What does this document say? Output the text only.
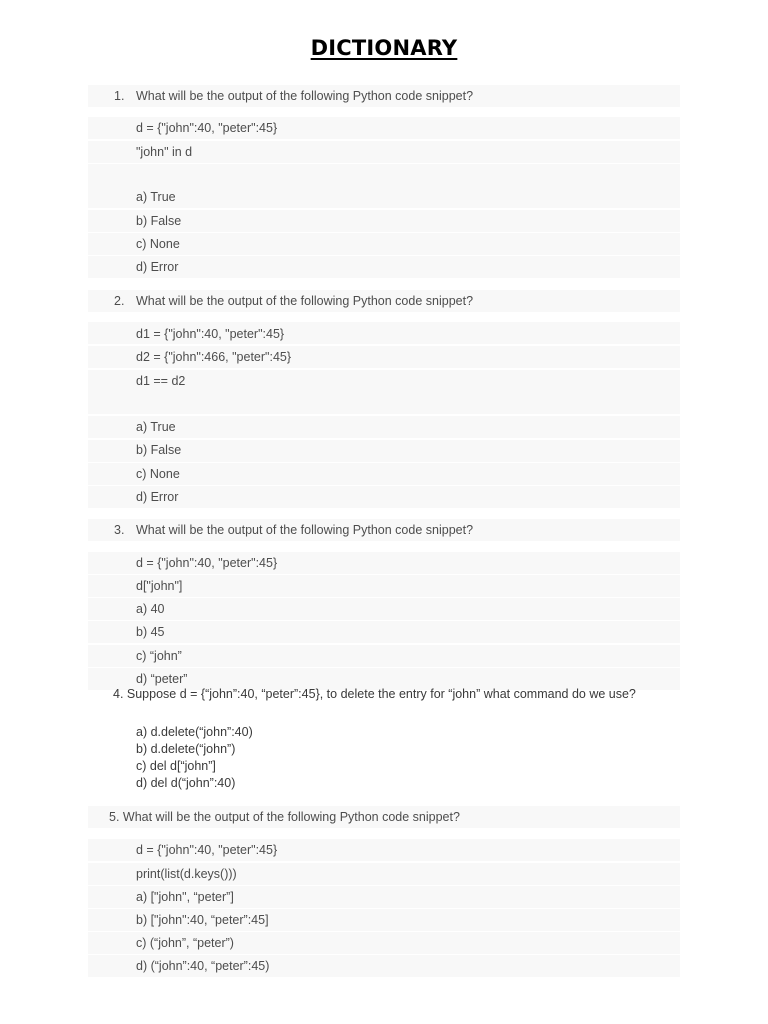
DICTIONARY
1. What will be the output of the following Python code snippet?
d = {"john":40, "peter":45}
"john" in d
a) True
b) False
c) None
d) Error
2. What will be the output of the following Python code snippet?
d1 = {"john":40, "peter":45}
d2 = {"john":466, "peter":45}
d1 == d2
a) True
b) False
c) None
d) Error
3. What will be the output of the following Python code snippet?
d = {"john":40, "peter":45}
d["john"]
a) 40
b) 45
c) “john”
d) “peter”
4. Suppose d = {“john”:40, “peter”:45}, to delete the entry for “john” what command do we use?
a) d.delete(“john”:40)
b) d.delete(“john”)
c) del d[“john”]
d) del d(“john”:40)
5. What will be the output of the following Python code snippet?
d = {"john":40, "peter":45}
print(list(d.keys()))
a) ["john", “peter”]
b) ["john":40, “peter”:45]
c) (“john”, “peter”)
d) (“john”:40, “peter”:45)
